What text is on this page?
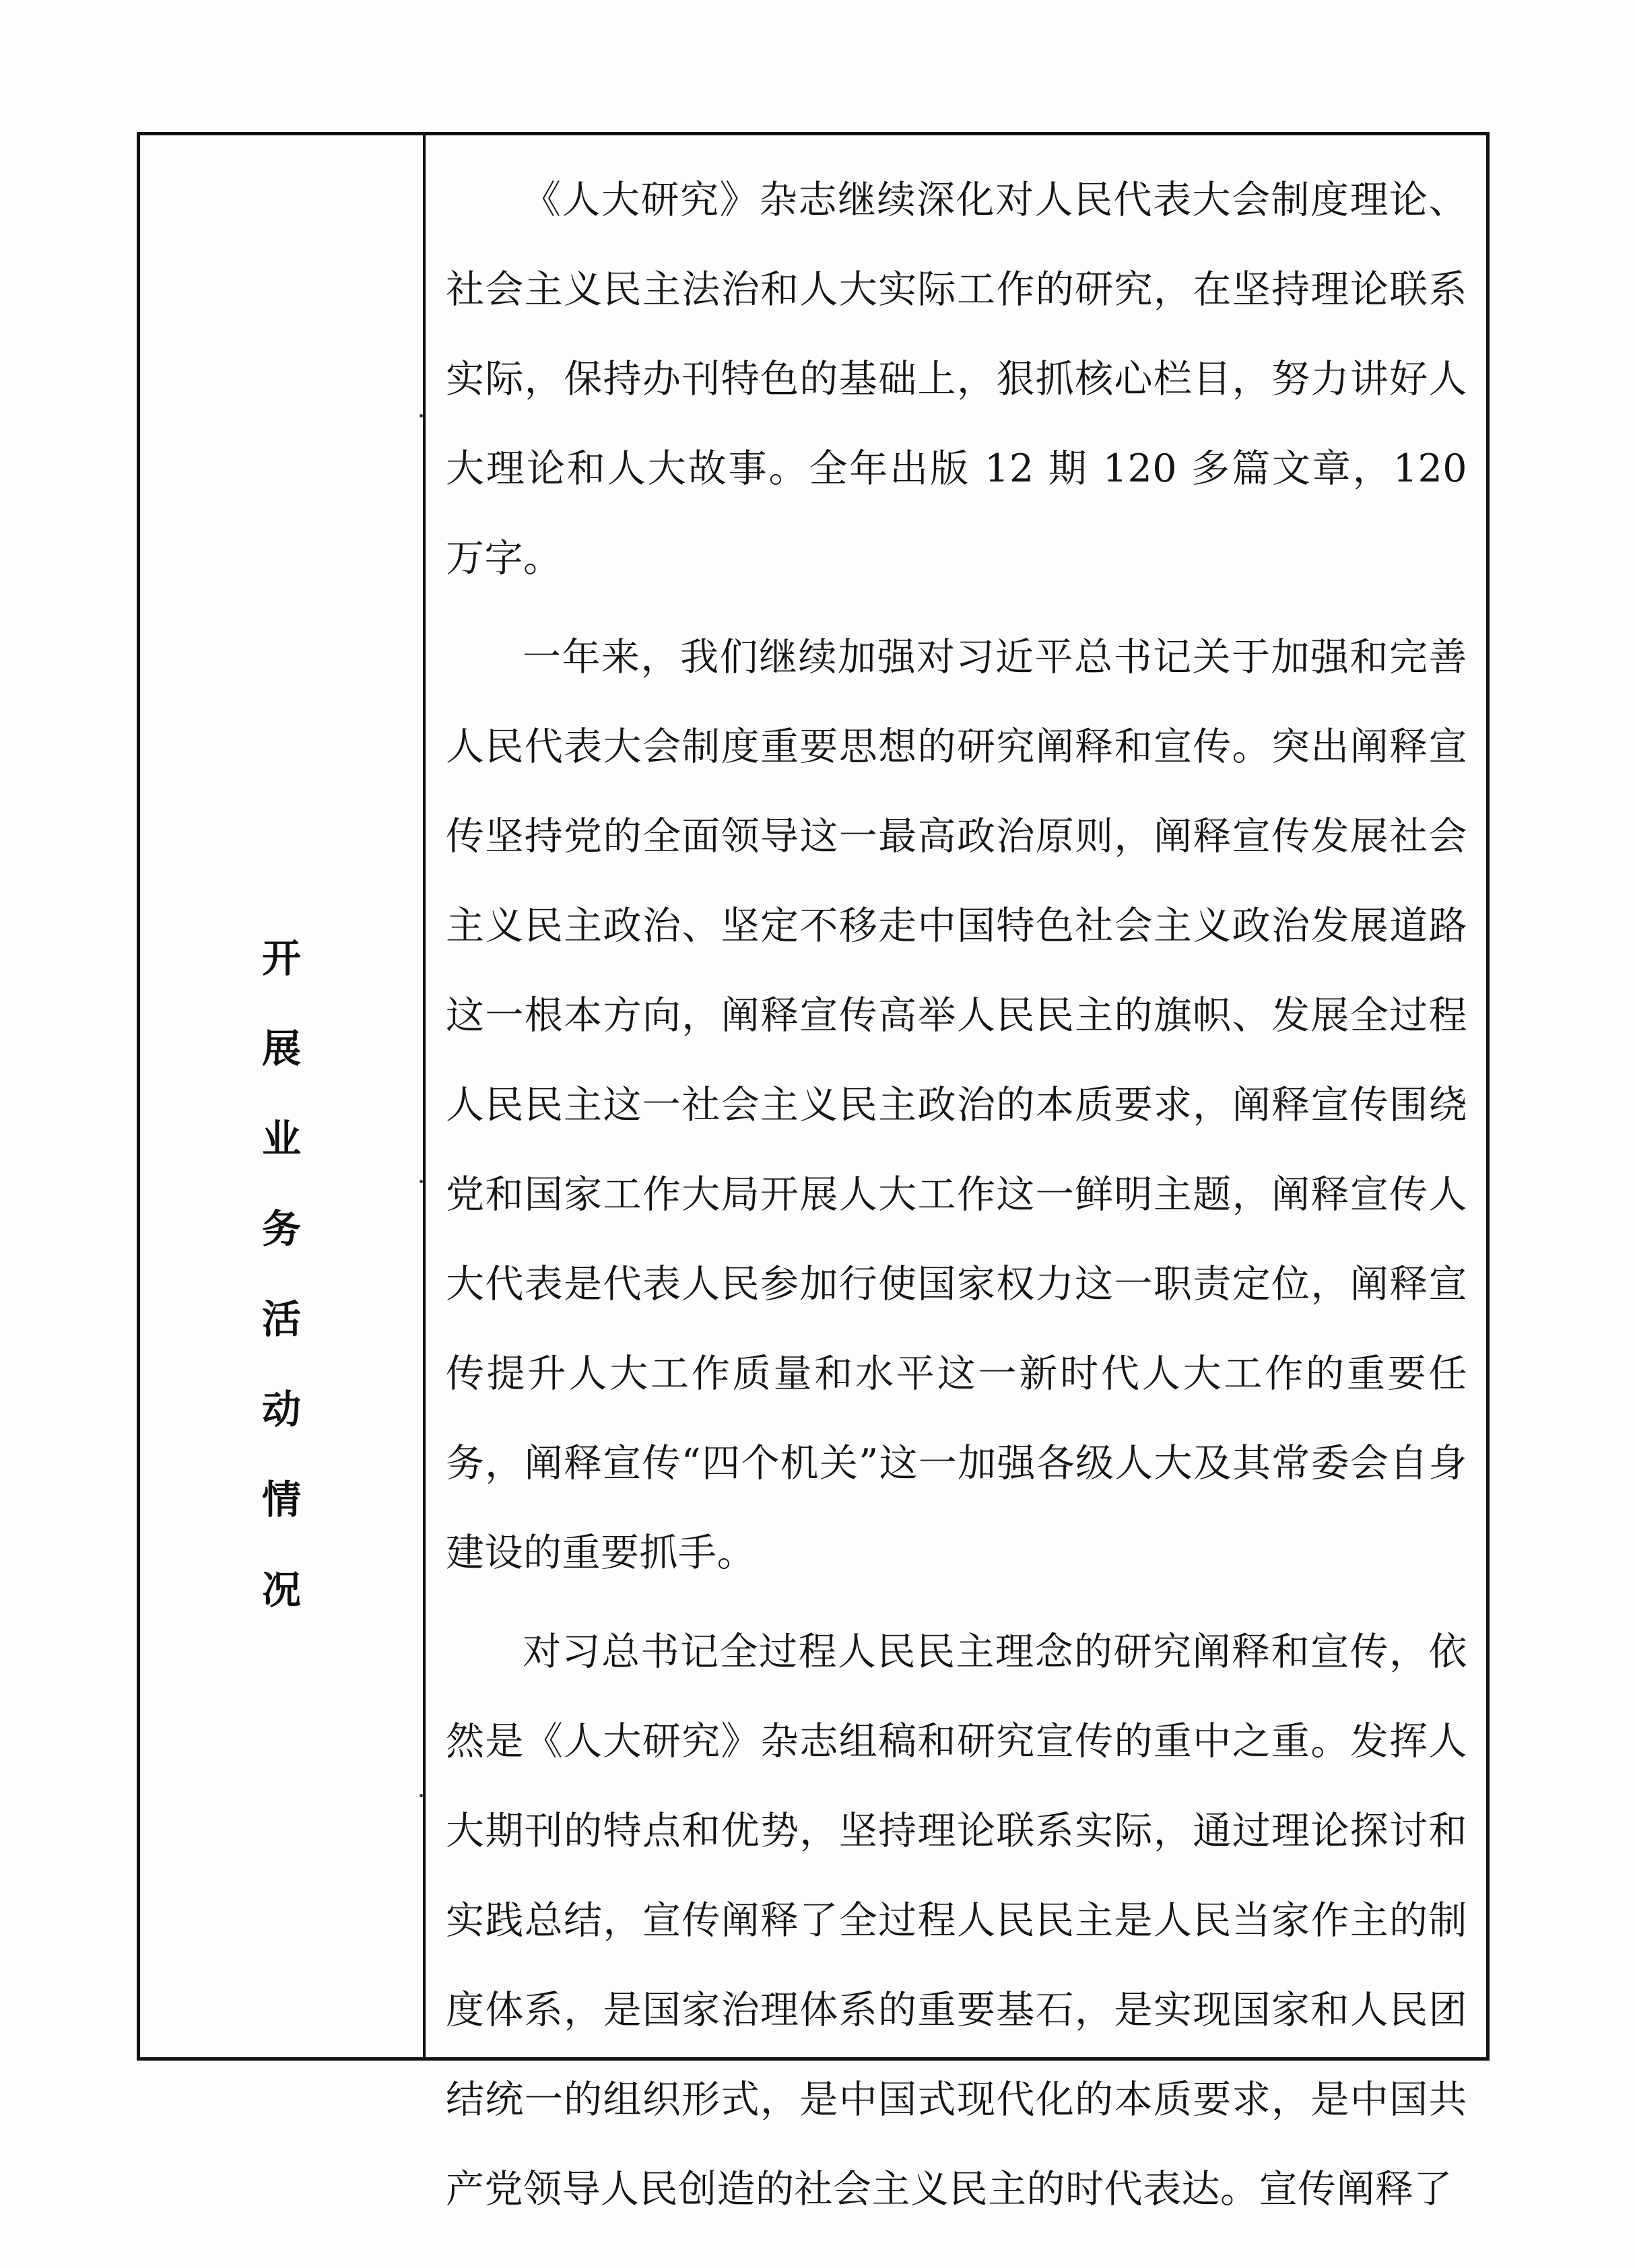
开
展
业
务
活
动
情
况

《人大研究》杂志继续深化对人民代表大会制度理论、社会主义民主法治和人大实际工作的研究，在坚持理论联系实际，保持办刊特色的基础上，狠抓核心栏目，努力讲好人大理论和人大故事。全年出版 12 期 120 多篇文章，120 万字。

一年来，我们继续加强对习近平总书记关于加强和完善人民代表大会制度重要思想的研究阐释和宣传。突出阐释宣传坚持党的全面领导这一最高政治原则，阐释宣传发展社会主义民主政治、坚定不移走中国特色社会主义政治发展道路这一根本方向，阐释宣传高举人民民主的旗帜、发展全过程人民民主这一社会主义民主政治的本质要求，阐释宣传围绕党和国家工作大局开展人大工作这一鲜明主题，阐释宣传人大代表是代表人民参加行使国家权力这一职责定位，阐释宣传提升人大工作质量和水平这一新时代人大工作的重要任务，阐释宣传“四个机关”这一加强各级人大及其常委会自身建设的重要抓手。

对习总书记全过程人民民主理念的研究阐释和宣传，依然是《人大研究》杂志组稿和研究宣传的重中之重。发挥人大期刊的特点和优势，坚持理论联系实际，通过理论探讨和实践总结，宣传阐释了全过程人民民主是人民当家作主的制度体系，是国家治理体系的重要基石，是实现国家和人民团结统一的组织形式，是中国式现代化的本质要求，是中国共产党领导人民创造的社会主义民主的时代表达。宣传阐释了
